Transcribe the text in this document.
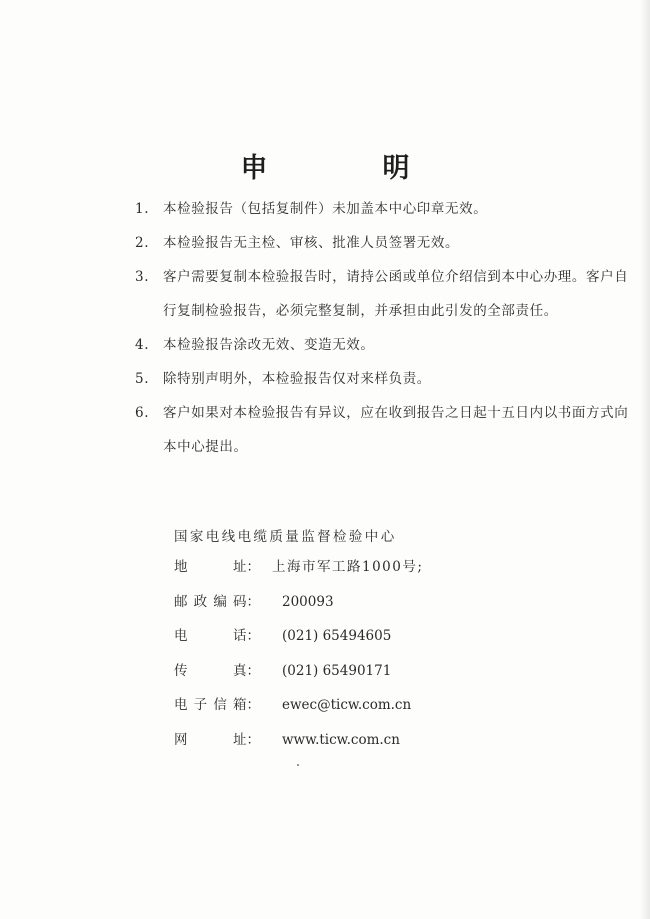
申　明
1.	本检验报告（包括复制件）未加盖本中心印章无效。
2.	本检验报告无主检、审核、批准人员签署无效。
3.	客户需要复制本检验报告时，请持公函或单位介绍信到本中心办理。客户自行复制检验报告，必须完整复制，并承担由此引发的全部责任。
4.	本检验报告涂改无效、变造无效。
5.	除特别声明外，本检验报告仅对来样负责。
6.	客户如果对本检验报告有异议，应在收到报告之日起十五日内以书面方式向本中心提出。
国家电线电缆质量监督检验中心
地	址： 上海市军工路1000号;
邮 政 编 码：	200093
电	话：	(021) 65494605
传	真：	(021) 65490171
电 子 信 箱：	ewec@ticw.com.cn
网	址：	www.ticw.com.cn
